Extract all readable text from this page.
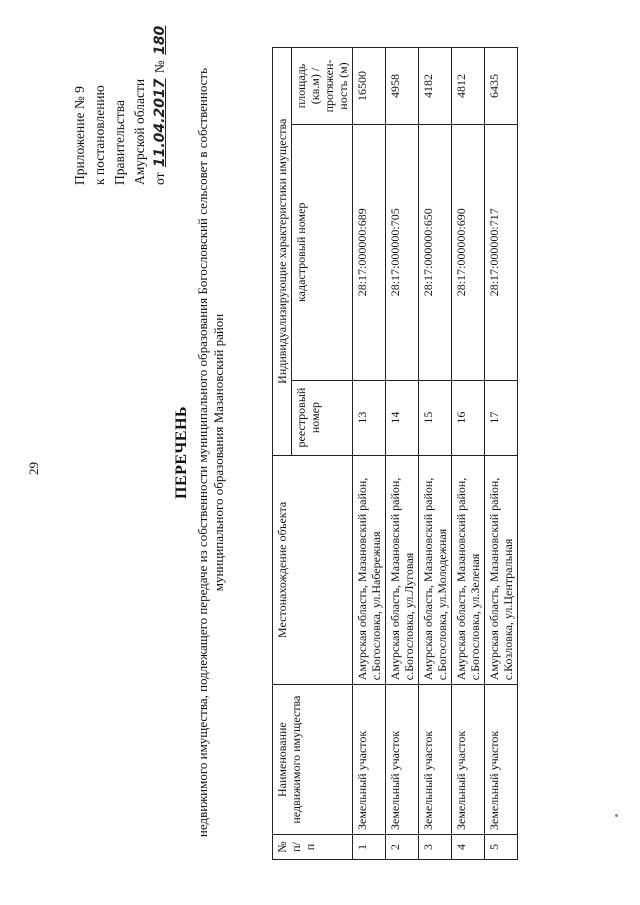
29
Приложение № 9 к постановлению Правительства Амурской области от 11.04.2017 № 180
ПЕРЕЧЕНЬ недвижимого имущества, подлежащего передаче из собственности муниципального образования Богословский сельсовет в собственность муниципального образования Мазановский район
№ п/п	Наименование недвижимого имущества	Местонахождение объекта	Индивидуализирующие характеристики имущества		
			реестровый номер	кадастровый номер	площадь (кв.м) / протяжен-ность (м)
1	Земельный участок	Амурская область, Мазановский район, с.Богословка, ул.Набережная	13	28:17:000000:689	16500
2	Земельный участок	Амурская область, Мазановский район, с.Богословка, ул.Луговая	14	28:17:000000:705	4958
3	Земельный участок	Амурская область, Мазановский район, с.Богословка, ул.Молодежная	15	28:17:000000:650	4182
4	Земельный участок	Амурская область, Мазановский район, с.Богословка, ул.Зеленая	16	28:17:000000:690	4812
5	Земельный участок	Амурская область, Мазановский район, с.Козловка, ул.Центральная	17	28:17:000000:717	6435
